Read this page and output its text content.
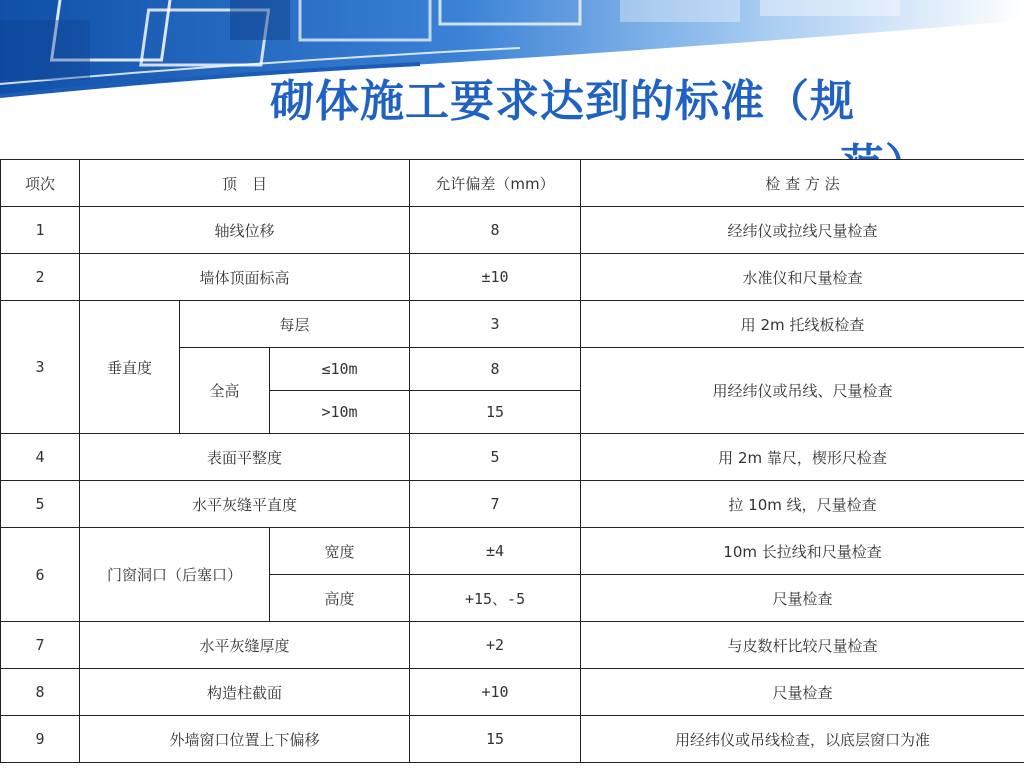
砌体施工要求达到的标准（规
项次	顶　目			允许偏差（mm）	检 查 方 法
1	轴线位移			8	经纬仪或拉线尺量检查
2	墙体顶面标高			±10	水准仪和尺量检查
3	垂直度	每层		3	用 2m 托线板检查
		全高	≤10m	8	用经纬仪或吊线、尺量检查
			>10m	15	
4	表面平整度			5	用 2m 靠尺，楔形尺检查
5	水平灰缝平直度			7	拉 10m 线，尺量检查
6	门窗洞口（后塞口）		宽度	±4	10m 长拉线和尺量检查
			高度	+15、-5	尺量检查
7	水平灰缝厚度			+2	与皮数杆比较尺量检查
8	构造柱截面			+10	尺量检查
9	外墙窗口位置上下偏移			15	用经纬仪或吊线检查，以底层窗口为准
